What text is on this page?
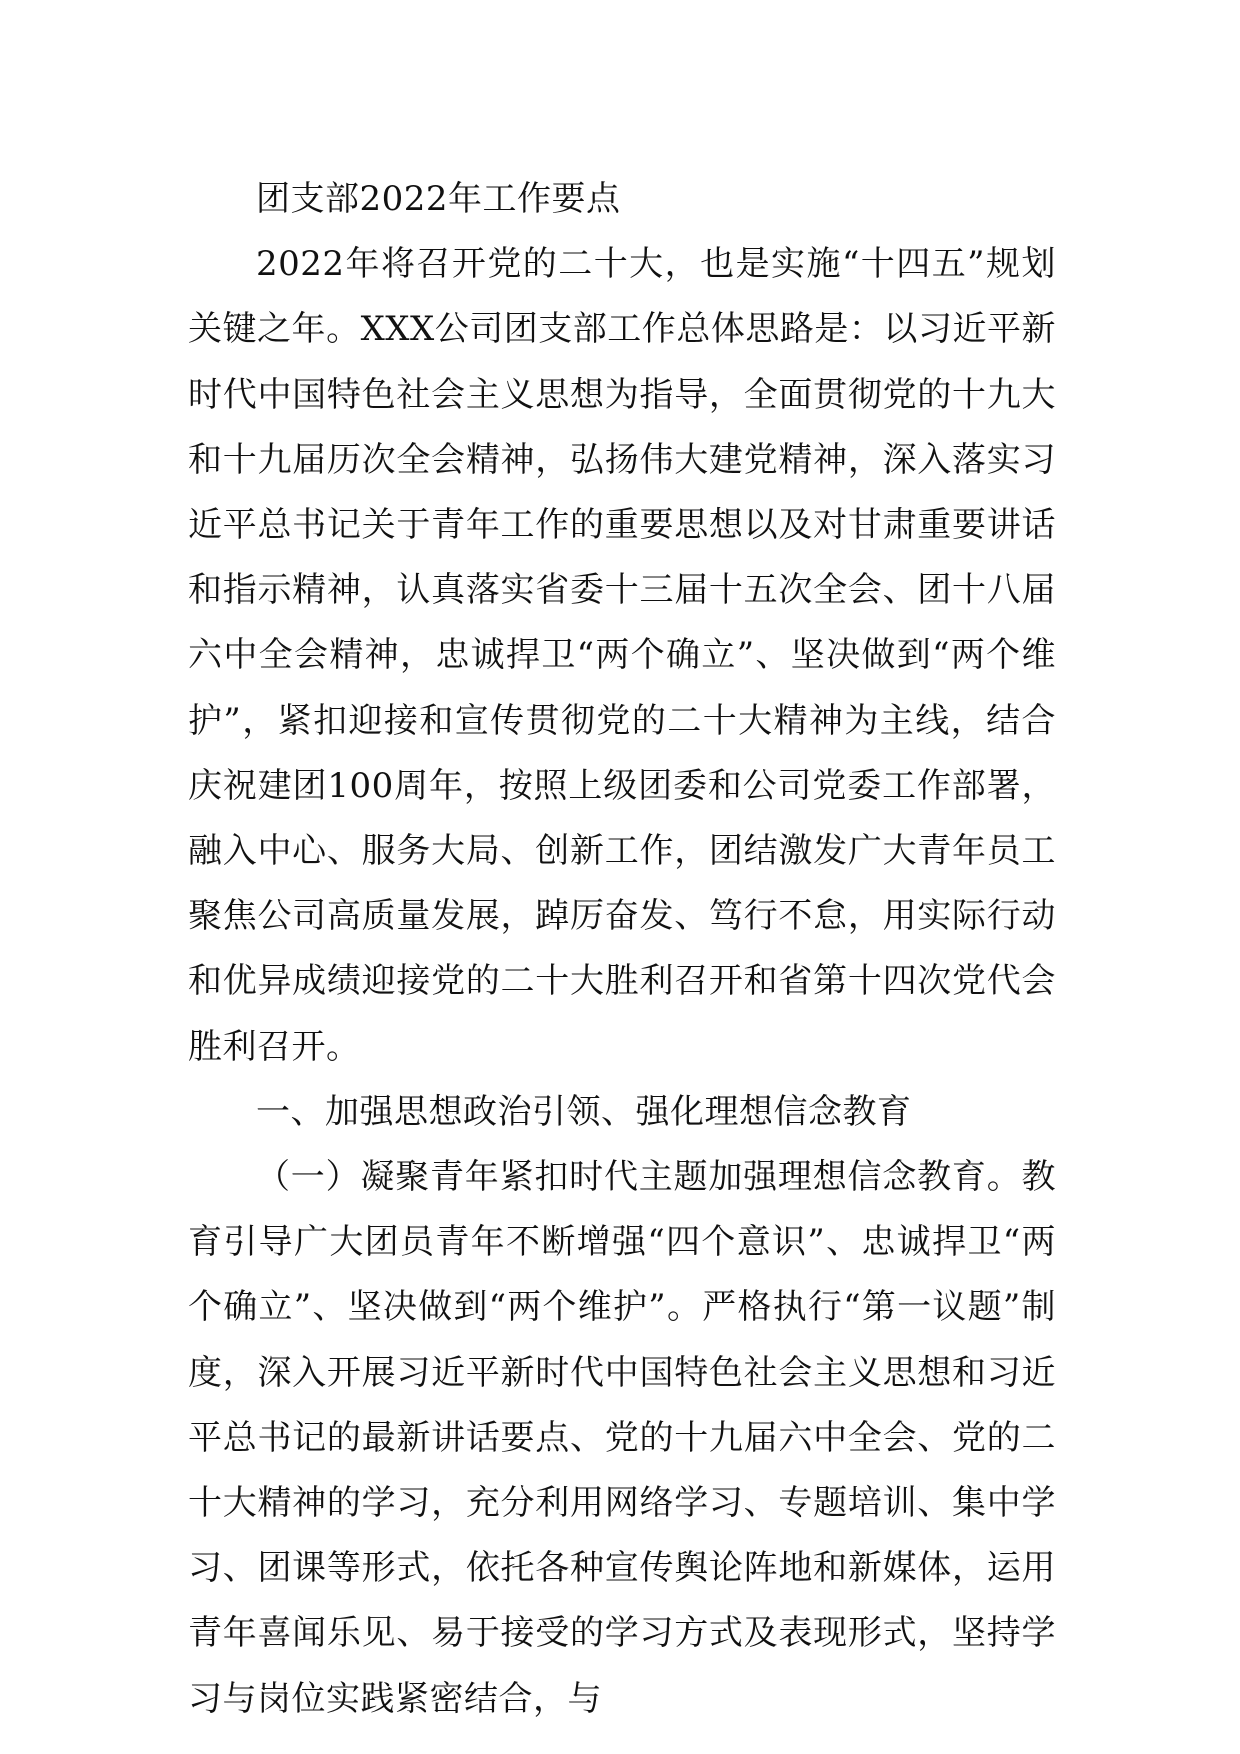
团支部2022年工作要点

2022年将召开党的二十大，也是实施“十四五”规划关键之年。XXX公司团支部工作总体思路是：以习近平新时代中国特色社会主义思想为指导，全面贯彻党的十九大和十九届历次全会精神，弘扬伟大建党精神，深入落实习近平总书记关于青年工作的重要思想以及对甘肃重要讲话和指示精神，认真落实省委十三届十五次全会、团十八届六中全会精神，忠诚捍卫“两个确立”、坚决做到“两个维护”，紧扣迎接和宣传贯彻党的二十大精神为主线，结合庆祝建团100周年，按照上级团委和公司党委工作部署，融入中心、服务大局、创新工作，团结激发广大青年员工聚焦公司高质量发展，踔厉奋发、笃行不怠，用实际行动和优异成绩迎接党的二十大胜利召开和省第十四次党代会胜利召开。

一、加强思想政治引领、强化理想信念教育

（一）凝聚青年紧扣时代主题加强理想信念教育。教育引导广大团员青年不断增强“四个意识”、忠诚捍卫“两个确立”、坚决做到“两个维护”。严格执行“第一议题”制度，深入开展习近平新时代中国特色社会主义思想和习近平总书记的最新讲话要点、党的十九届六中全会、党的二十大精神的学习，充分利用网络学习、专题培训、集中学习、团课等形式，依托各种宣传舆论阵地和新媒体，运用青年喜闻乐见、易于接受的学习方式及表现形式，坚持学习与岗位实践紧密结合，与
